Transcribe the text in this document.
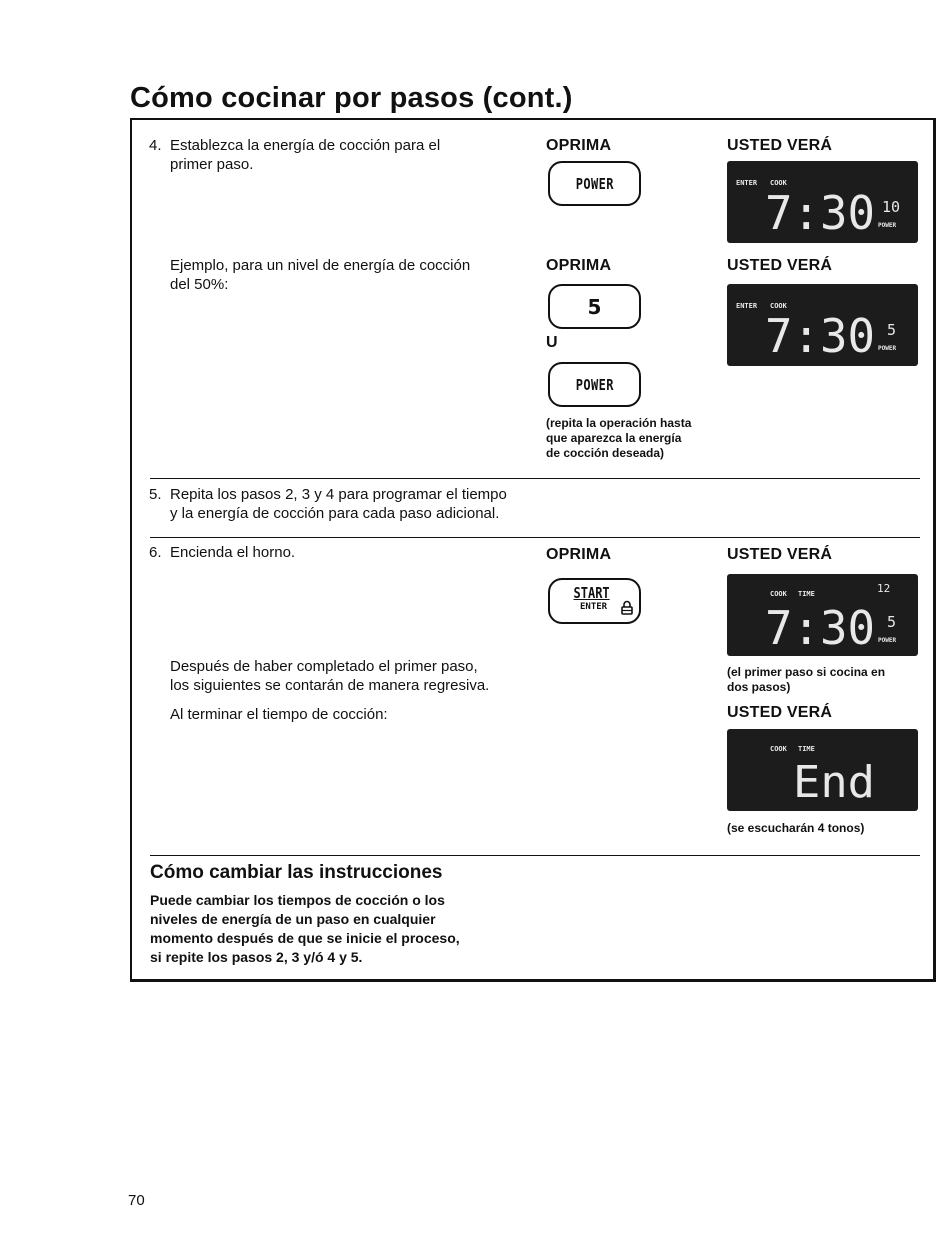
Cómo cocinar por pasos (cont.)
4. Establezca la energía de cocción para el
primer paso.
OPRIMA	USTED VERÁ
POWER	ENTER COOK
7:30 10
POWER
Ejemplo, para un nivel de energía de cocción
del 50%:
OPRIMA	USTED VERÁ
5
U
POWER
(repita la operación hasta
que aparezca la energía
de cocción deseada)
ENTER COOK
7:30 5
POWER
5. Repita los pasos 2, 3 y 4 para programar el tiempo
y la energía de cocción para cada paso adicional.
6. Encienda el horno.	OPRIMA	USTED VERÁ
START
ENTER
COOK TIME	12
7:30 5
POWER
(el primer paso si cocina en
dos pasos)
Después de haber completado el primer paso,
los siguientes se contarán de manera regresiva.
Al terminar el tiempo de cocción:	USTED VERÁ
COOK TIME
End
(se escucharán 4 tonos)
Cómo cambiar las instrucciones
Puede cambiar los tiempos de cocción o los
niveles de energía de un paso en cualquier
momento después de que se inicie el proceso,
si repite los pasos 2, 3 y/ó 4 y 5.
70
